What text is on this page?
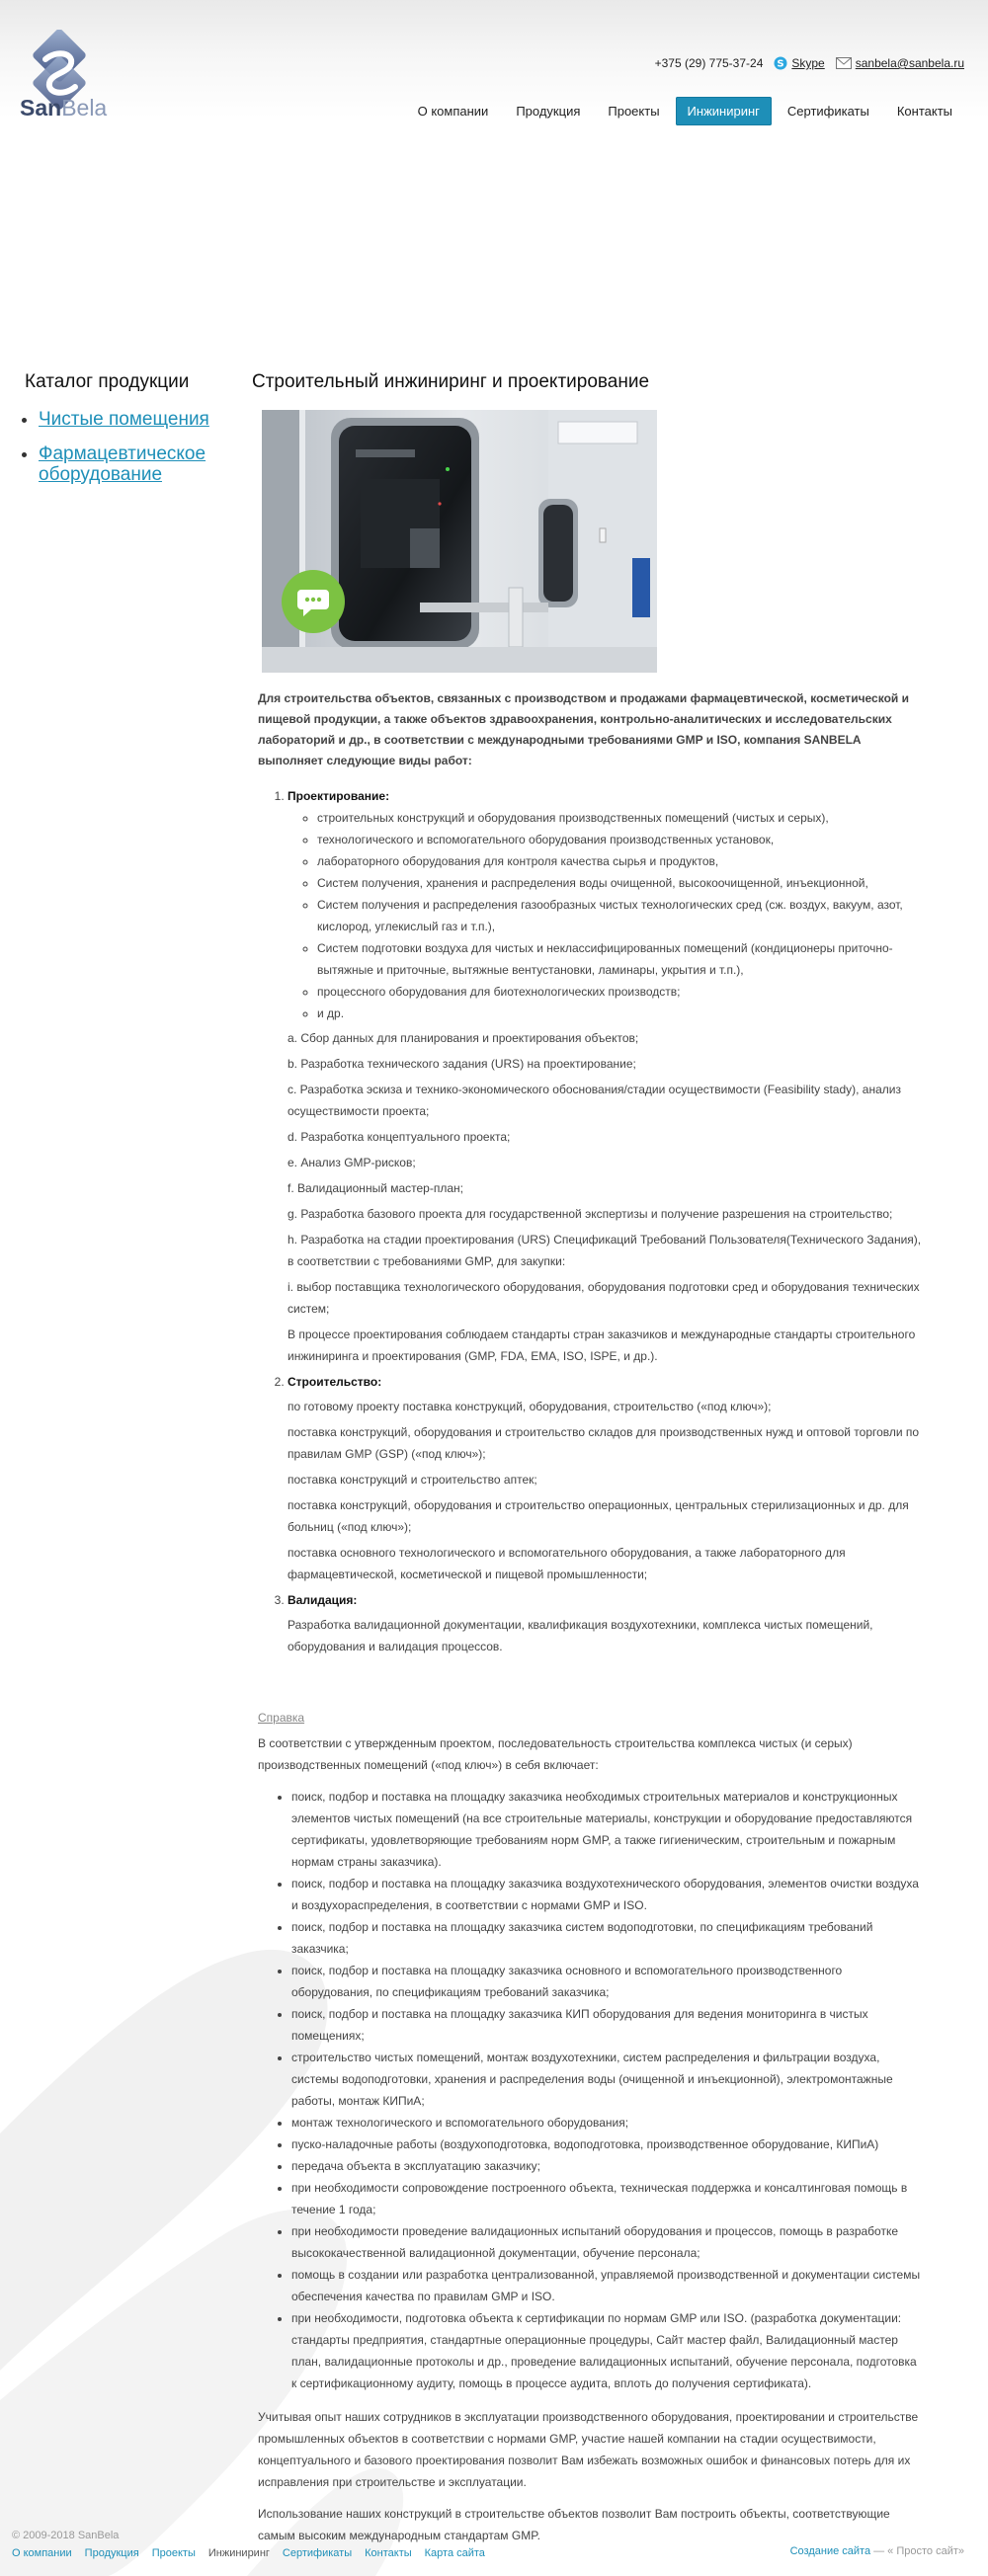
SanBela
+375 (29) 775-37-24 S Skype	sanbela@sanbela.ru
О компании	Продукция	Проекты	Инжиниринг	Сертификаты	Контакты
Каталог продукции
• Чистые помещения
• Фармацевтическое оборудование
Строительный инжиниринг и проектирование

Для строительства объектов, связанных с производством и продажами фармацевтической, косметической и пищевой продукции, а также объектов здравоохранения, контрольно-аналитических и исследовательских лабораторий и др., в соответствии с международными требованиями GMP и ISO, компания SANBELA выполняет следующие виды работ:

1. Проектирование:
◦ строительных конструкций и оборудования производственных помещений (чистых и серых),
◦ технологического и вспомогательного оборудования производственных установок,
◦ лабораторного оборудования для контроля качества сырья и продуктов,
◦ Систем получения, хранения и распределения воды очищенной, высокоочищенной, инъекционной,
◦ Систем получения и распределения газообразных чистых технологических сред (сж. воздух, вакуум, азот, кислород, углекислый газ и т.п.),
◦ Систем подготовки воздуха для чистых и неклассифицированных помещений (кондиционеры приточно-вытяжные и приточные, вытяжные вентустановки, ламинары, укрытия и т.п.),
◦ процессного оборудования для биотехнологических производств;
◦ и др.
a. Сбор данных для планирования и проектирования объектов;
b. Разработка технического задания (URS) на проектирование;
c. Разработка эскиза и технико-экономического обоснования/стадии осуществимости (Feasibility stady), анализ осуществимости проекта;
d. Разработка концептуального проекта;
e. Анализ GMP-рисков;
f. Валидационный мастер-план;
g. Разработка базового проекта для государственной экспертизы и получение разрешения на строительство;
h. Разработка на стадии проектирования (URS) Спецификаций Требований Пользователя(Технического Задания), в соответствии с требованиями GMP, для закупки:
i. выбор поставщика технологического оборудования, оборудования подготовки сред и оборудования технических систем;
В процессе проектирования соблюдаем стандарты стран заказчиков и международные стандарты строительного инжиниринга и проектирования (GMP, FDA, EMA, ISO, ISPE, и др.).
2. Строительство:
по готовому проекту поставка конструкций, оборудования, строительство («под ключ»);
поставка конструкций, оборудования и строительство складов для производственных нужд и оптовой торговли по правилам GMP (GSP) («под ключ»);
поставка конструкций и строительство аптек;
поставка конструкций, оборудования и строительство операционных, центральных стерилизационных и др. для больниц («под ключ»);
поставка основного технологического и вспомогательного оборудования, а также лабораторного для фармацевтической, косметической и пищевой промышленности;
3. Валидация:
Разработка валидационной документации, квалификация воздухотехники, комплекса чистых помещений, оборудования и валидация процессов.
Справка

В соответствии с утвержденным проектом, последовательность строительства комплекса чистых (и серых) производственных помещений («под ключ») в себя включает:

• поиск, подбор и поставка на площадку заказчика необходимых строительных материалов и конструкционных элементов чистых помещений (на все строительные материалы, конструкции и оборудование предоставляются сертификаты, удовлетворяющие требованиям норм GMP, а также гигиеническим, строительным и пожарным нормам страны заказчика).
• поиск, подбор и поставка на площадку заказчика воздухотехнического оборудования, элементов очистки воздуха и воздухораспределения, в соответствии с нормами GMP и ISO.
• поиск, подбор и поставка на площадку заказчика систем водоподготовки, по спецификациям требований заказчика;
• поиск, подбор и поставка на площадку заказчика основного и вспомогательного производственного оборудования, по спецификациям требований заказчика;
• поиск, подбор и поставка на площадку заказчика КИП оборудования для ведения мониторинга в чистых помещениях;
• строительство чистых помещений, монтаж воздухотехники, систем распределения и фильтрации воздуха, системы водоподготовки, хранения и распределения воды (очищенной и инъекционной), электромонтажные работы, монтаж КИПиА;
• монтаж технологического и вспомогательного оборудования;
• пуско-наладочные работы (воздухоподготовка, водоподготовка, производственное оборудование, КИПиА)
• передача объекта в эксплуатацию заказчику;
• при необходимости сопровождение построенного объекта, техническая поддержка и консалтинговая помощь в течение 1 года;
• при необходимости проведение валидационных испытаний оборудования и процессов, помощь в разработке высококачественной валидационной документации, обучение персонала;
• помощь в создании или разработка централизованной, управляемой производственной и документации системы обеспечения качества по правилам GMP и ISO.
• при необходимости, подготовка объекта к сертификации по нормам GMP или ISO. (разработка документации: стандарты предприятия, стандартные операционные процедуры, Сайт мастер файл, Валидационный мастер план, валидационные протоколы и др., проведение валидационных испытаний, обучение персонала, подготовка к сертификационному аудиту, помощь в процессе аудита, вплоть до получения сертификата).

Учитывая опыт наших сотрудников в эксплуатации производственного оборудования, проектировании и строительстве промышленных объектов в соответствии с нормами GMP, участие нашей компании на стадии осуществимости, концептуального и базового проектирования позволит Вам избежать возможных ошибок и финансовых потерь для их исправления при строительстве и эксплуатации.

Использование наших конструкций в строительстве объектов позволит Вам построить объекты, соответствующие самым высоким международным стандартам GMP.

© 2009-2018 SanBela
О компании Продукция Проекты Инжиниринг Сертификаты Контакты Карта сайта	Создание сайта — « Просто сайт»
